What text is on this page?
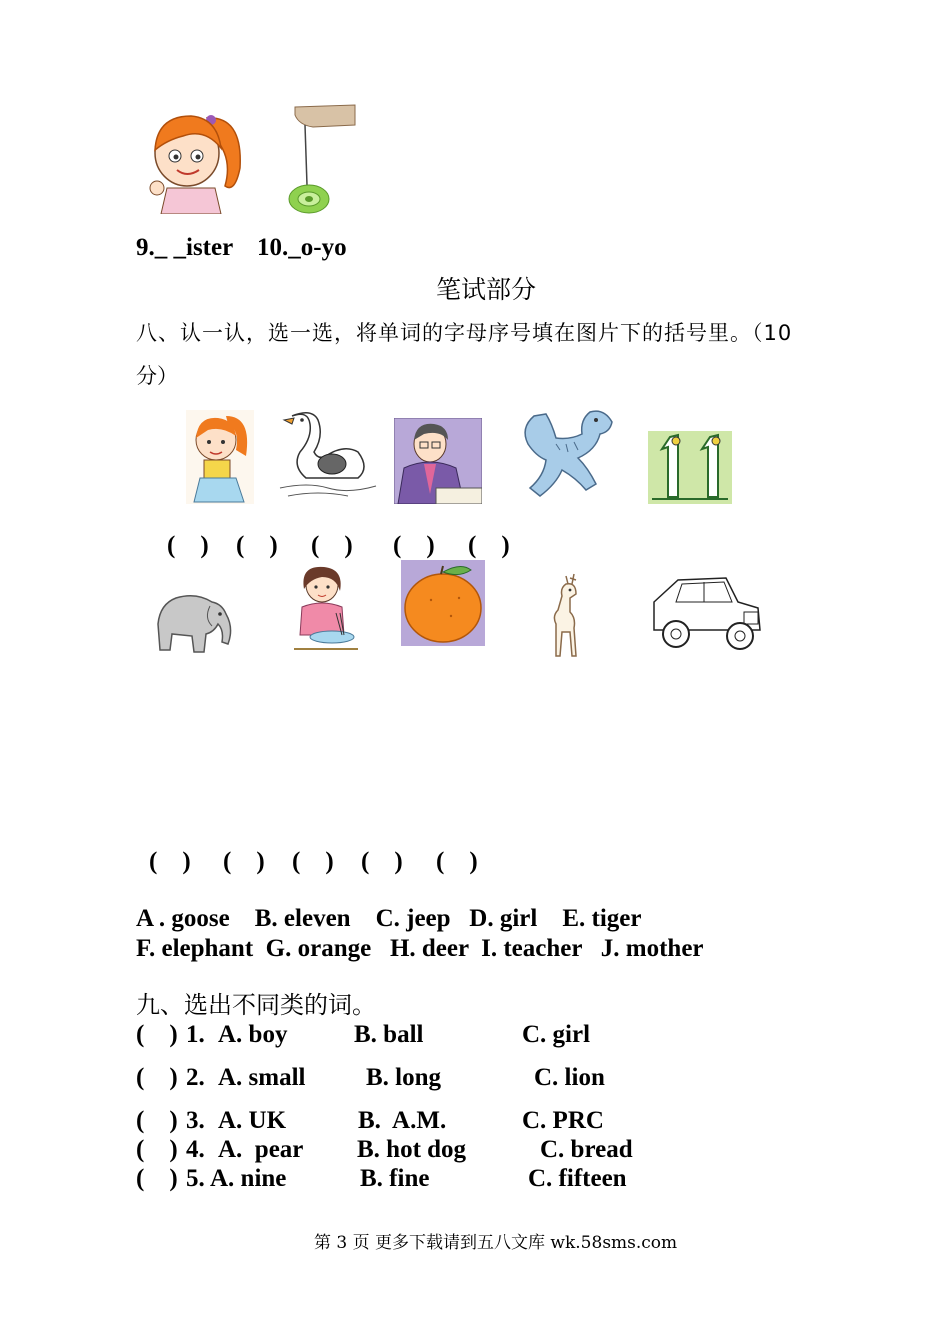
9._ _ister 10._o-yo
笔试部分
八、认一认，选一选，将单词的字母序号填在图片下的括号里。（10
分）
(    ) (    ) (    ) (    ) (    )
(    ) (    ) (    ) (    ) (    )
A . goose    B. eleven    C. jeep   D. girl    E. tiger
F. elephant  G. orange   H. deer  I. teacher   J. mother
九、选出不同类的词。
(    ) 1. A. boy	B. ball	C. girl
(    ) 2. A. small B. long	C. lion
(    ) 3. A. UK	B.  A.M.	C. PRC
(    ) 4. A.  pear B. hot dog	C. bread
(    ) 5. A. nine	B. fine	C. fifteen
第 3 页 更多下载请到五八文库 wk.58sms.com
